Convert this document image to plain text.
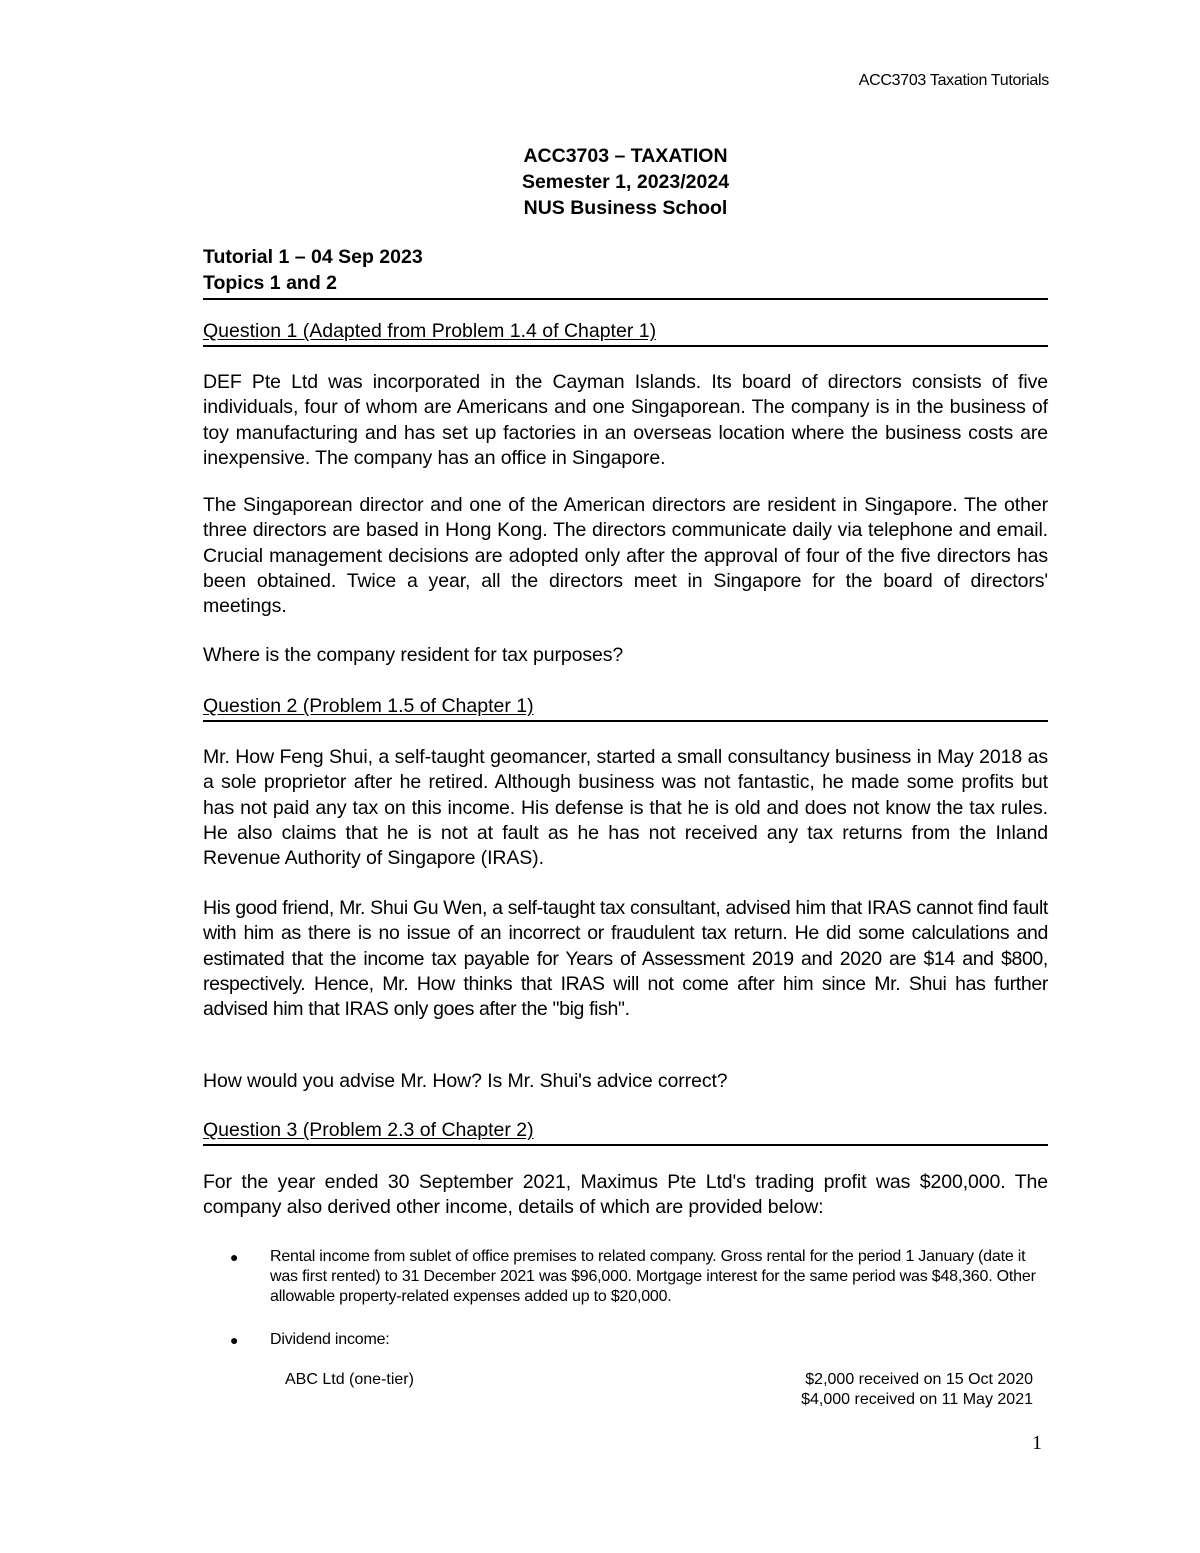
ACC3703 Taxation Tutorials
ACC3703 – TAXATION
Semester 1, 2023/2024
NUS Business School
Tutorial 1 – 04 Sep 2023
Topics 1 and 2
Question 1 (Adapted from Problem 1.4 of Chapter 1)
DEF Pte Ltd was incorporated in the Cayman Islands. Its board of directors consists of five individuals, four of whom are Americans and one Singaporean. The company is in the business of toy manufacturing and has set up factories in an overseas location where the business costs are inexpensive. The company has an office in Singapore.
The Singaporean director and one of the American directors are resident in Singapore. The other three directors are based in Hong Kong. The directors communicate daily via telephone and email. Crucial management decisions are adopted only after the approval of four of the five directors has been obtained. Twice a year, all the directors meet in Singapore for the board of directors' meetings.
Where is the company resident for tax purposes?
Question 2 (Problem 1.5 of Chapter 1)
Mr. How Feng Shui, a self-taught geomancer, started a small consultancy business in May 2018 as a sole proprietor after he retired. Although business was not fantastic, he made some profits but has not paid any tax on this income. His defense is that he is old and does not know the tax rules. He also claims that he is not at fault as he has not received any tax returns from the Inland Revenue Authority of Singapore (IRAS).
His good friend, Mr. Shui Gu Wen, a self-taught tax consultant, advised him that IRAS cannot find fault with him as there is no issue of an incorrect or fraudulent tax return. He did some calculations and estimated that the income tax payable for Years of Assessment 2019 and 2020 are $14 and $800, respectively. Hence, Mr. How thinks that IRAS will not come after him since Mr. Shui has further advised him that IRAS only goes after the "big fish".
How would you advise Mr. How? Is Mr. Shui's advice correct?
Question 3 (Problem 2.3 of Chapter 2)
For the year ended 30 September 2021, Maximus Pte Ltd's trading profit was $200,000. The company also derived other income, details of which are provided below:
● Rental income from sublet of office premises to related company. Gross rental for the period 1 January (date it was first rented) to 31 December 2021 was $96,000. Mortgage interest for the same period was $48,360. Other allowable property-related expenses added up to $20,000.
● Dividend income:
ABC Ltd (one-tier)	$2,000 received on 15 Oct 2020
$4,000 received on 11 May 2021
1
